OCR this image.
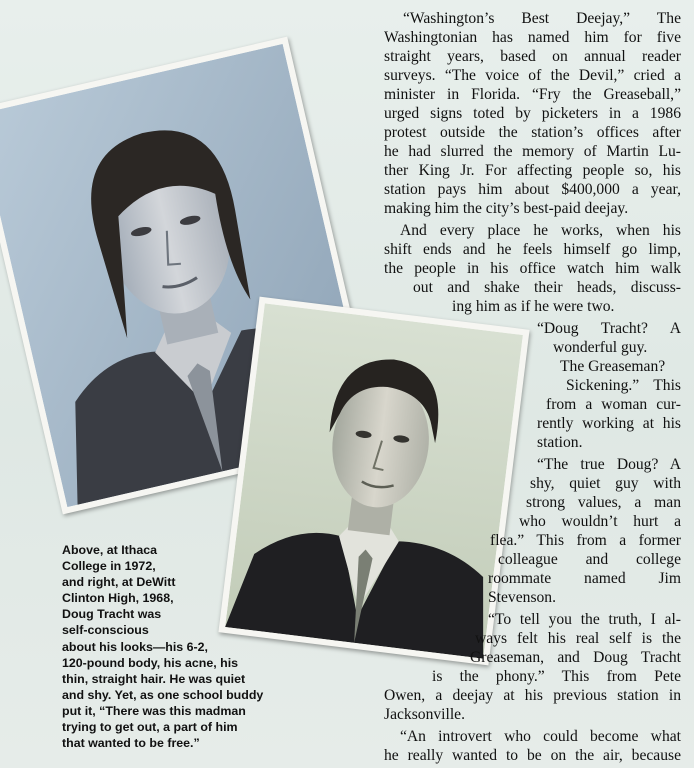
Above, at Ithaca
College in 1972,
and right, at DeWitt
Clinton High, 1968,
Doug Tracht was
self-conscious
about his looks—his 6-2,
120-pound body, his acne, his
thin, straight hair. He was quiet
and shy. Yet, as one school buddy
put it, “There was this madman
trying to get out, a part of him
that wanted to be free.”
“Washington’s Best Deejay,” The
Washingtonian has named him for five
straight years, based on annual reader
surveys. “The voice of the Devil,” cried a
minister in Florida. “Fry the Greaseball,”
urged signs toted by picketers in a 1986
protest outside the station’s offices after
he had slurred the memory of Martin Lu-
ther King Jr. For affecting people so, his
station pays him about $400,000 a year,
making him the city’s best-paid deejay.
And every place he works, when his
shift ends and he feels himself go limp,
the people in his office watch him walk
out and shake their heads, discuss-
ing him as if he were two.
“Doug Tracht? A
wonderful guy.
The Greaseman?
Sickening.” This
from a woman cur-
rently working at his
station.
“The true Doug? A
shy, quiet guy with
strong values, a man
who wouldn’t hurt a
flea.” This from a former
colleague and college
roommate named Jim
Stevenson.
“To tell you the truth, I al-
ways felt his real self is the
Greaseman, and Doug Tracht
is the phony.” This from Pete
Owen, a deejay at his previous station in
Jacksonville.
“An introvert who could become what
he really wanted to be on the air, because
